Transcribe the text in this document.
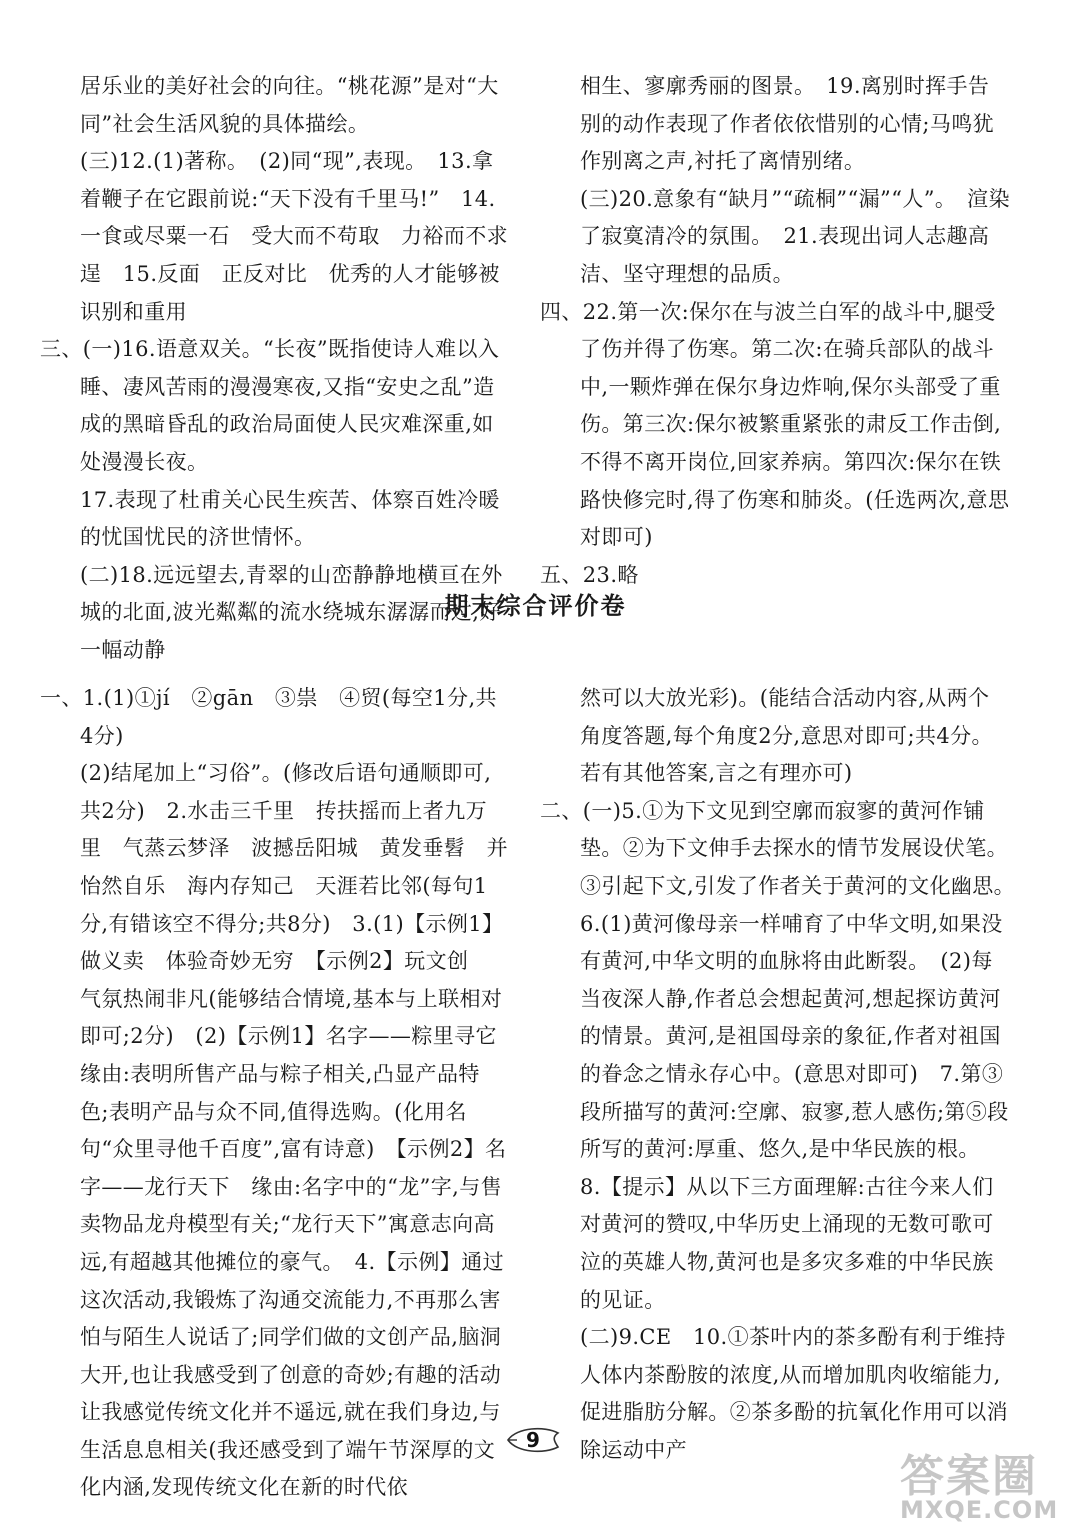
居乐业的美好社会的向往。“桃花源”是对“大同”社会生活风貌的具体描绘。

(三)12.(1)著称。　(2)同“现”,表现。　13.拿着鞭子在它跟前说:“天下没有千里马!”　14.一食或尽粟一石　受大而不苟取　力裕而不求逞　15.反面　正反对比　优秀的人才能够被识别和重用

三、(一)16.语意双关。“长夜”既指使诗人难以入睡、凄风苦雨的漫漫寒夜,又指“安史之乱”造成的黑暗昏乱的政治局面使人民灾难深重,如处漫漫长夜。

17.表现了杜甫关心民生疾苦、体察百姓冷暖的忧国忧民的济世情怀。

(二)18.远远望去,青翠的山峦静静地横亘在外城的北面,波光粼粼的流水绕城东潺潺而过,好一幅动静

相生、寥廓秀丽的图景。　19.离别时挥手告别的动作表现了作者依依惜别的心情;马鸣犹作别离之声,衬托了离情别绪。

(三)20.意象有“缺月”“疏桐”“漏”“人”。　渲染了寂寞清冷的氛围。　21.表现出词人志趣高洁、坚守理想的品质。

四、22.第一次:保尔在与波兰白军的战斗中,腿受了伤并得了伤寒。第二次:在骑兵部队的战斗中,一颗炸弹在保尔身边炸响,保尔头部受了重伤。第三次:保尔被繁重紧张的肃反工作击倒,不得不离开岗位,回家养病。第四次:保尔在铁路快修完时,得了伤寒和肺炎。(任选两次,意思对即可)

五、23.略

期末综合评价卷

一、1.(1)①jí　②gān　③祟　④贸(每空1分,共4分)

(2)结尾加上“习俗”。(修改后语句通顺即可,共2分)　2.水击三千里　抟扶摇而上者九万里　气蒸云梦泽　波撼岳阳城　黄发垂髫　并怡然自乐　海内存知己　天涯若比邻(每句1分,有错该空不得分;共8分)　3.(1)【示例1】做义卖　体验奇妙无穷　【示例2】玩文创　气氛热闹非凡(能够结合情境,基本与上联相对即可;2分)　(2)【示例1】名字——粽里寻它　缘由:表明所售产品与粽子相关,凸显产品特色;表明产品与众不同,值得选购。(化用名句“众里寻他千百度”,富有诗意)　【示例2】名字——龙行天下　缘由:名字中的“龙”字,与售卖物品龙舟模型有关;“龙行天下”寓意志向高远,有超越其他摊位的豪气。　4.【示例】通过这次活动,我锻炼了沟通交流能力,不再那么害怕与陌生人说话了;同学们做的文创产品,脑洞大开,也让我感受到了创意的奇妙;有趣的活动让我感觉传统文化并不遥远,就在我们身边,与生活息息相关(我还感受到了端午节深厚的文化内涵,发现传统文化在新的时代依

然可以大放光彩)。(能结合活动内容,从两个角度答题,每个角度2分,意思对即可;共4分。若有其他答案,言之有理亦可)

二、(一)5.①为下文见到空廓而寂寥的黄河作铺垫。②为下文伸手去探水的情节发展设伏笔。③引起下文,引发了作者关于黄河的文化幽思。　6.(1)黄河像母亲一样哺育了中华文明,如果没有黄河,中华文明的血脉将由此断裂。　(2)每当夜深人静,作者总会想起黄河,想起探访黄河的情景。黄河,是祖国母亲的象征,作者对祖国的眷念之情永存心中。(意思对即可)　7.第③段所描写的黄河:空廓、寂寥,惹人感伤;第⑤段所写的黄河:厚重、悠久,是中华民族的根。　8.【提示】从以下三方面理解:古往今来人们对黄河的赞叹,中华历史上涌现的无数可歌可泣的英雄人物,黄河也是多灾多难的中华民族的见证。

(二)9.CE　10.①茶叶内的茶多酚有利于维持人体内茶酚胺的浓度,从而增加肌肉收缩能力,促进脂肪分解。②茶多酚的抗氧化作用可以消除运动中产

9
答案圈
MXQE.COM
